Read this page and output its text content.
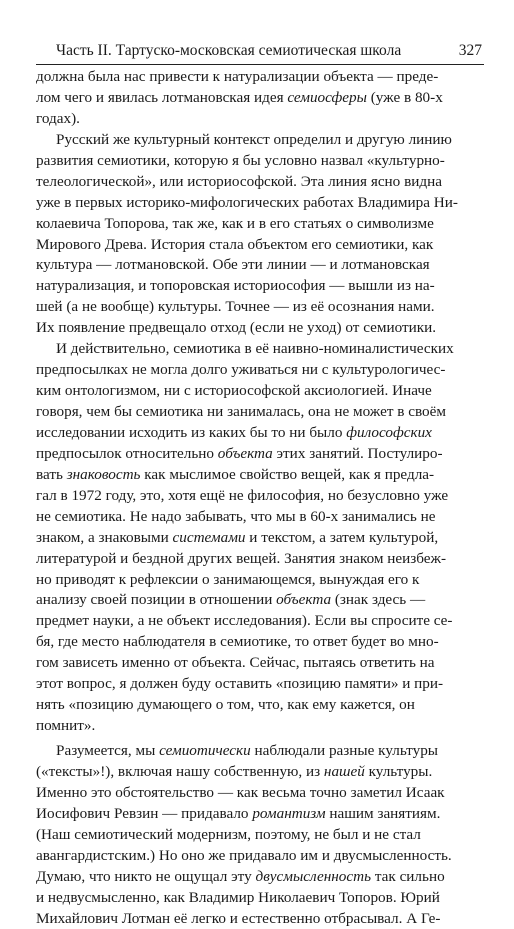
Часть II. Тартуско-московская семиотическая школа	327
должна была нас привести к натурализации объекта — преде-
лом чего и явилась лотмановская идея семиосферы (уже в 80-х
годах).
Русский же культурный контекст определил и другую линию
развития семиотики, которую я бы условно назвал «культурно-
телеологической», или историософской. Эта линия ясно видна
уже в первых историко-мифологических работах Владимира Ни-
колаевича Топорова, так же, как и в его статьях о символизме
Мирового Древа. История стала объектом его семиотики, как
культура — лотмановской. Обе эти линии — и лотмановская
натурализация, и топоровская историософия — вышли из на-
шей (а не вообще) культуры. Точнее — из её осознания нами.
Их появление предвещало отход (если не уход) от семиотики.
И действительно, семиотика в её наивно-номиналистических
предпосылках не могла долго уживаться ни с культурологичес-
ким онтологизмом, ни с историософской аксиологией. Иначе
говоря, чем бы семиотика ни занималась, она не может в своём
исследовании исходить из каких бы то ни было философских
предпосылок относительно объекта этих занятий. Постулиро-
вать знаковость как мыслимое свойство вещей, как я предла-
гал в 1972 году, это, хотя ещё не философия, но безусловно уже
не семиотика. Не надо забывать, что мы в 60-х занимались не
знаком, а знаковыми системами и текстом, а затем культурой,
литературой и бездной других вещей. Занятия знаком неизбеж-
но приводят к рефлексии о занимающемся, вынуждая его к
анализу своей позиции в отношении объекта (знак здесь —
предмет науки, а не объект исследования). Если вы спросите се-
бя, где место наблюдателя в семиотике, то ответ будет во мно-
гом зависеть именно от объекта. Сейчас, пытаясь ответить на
этот вопрос, я должен буду оставить «позицию памяти» и при-
нять «позицию думающего о том, что, как ему кажется, он
помнит».
Разумеется, мы семиотически наблюдали разные культуры
(«тексты»!), включая нашу собственную, из нашей культуры.
Именно это обстоятельство — как весьма точно заметил Исаак
Иосифович Ревзин — придавало романтизм нашим занятиям.
(Наш семиотический модернизм, поэтому, не был и не стал
авангардистским.) Но оно же придавало им и двусмысленность.
Думаю, что никто не ощущал эту двусмысленность так сильно
и недвусмысленно, как Владимир Николаевич Топоров. Юрий
Михайлович Лотман её легко и естественно отбрасывал. А Ге-
